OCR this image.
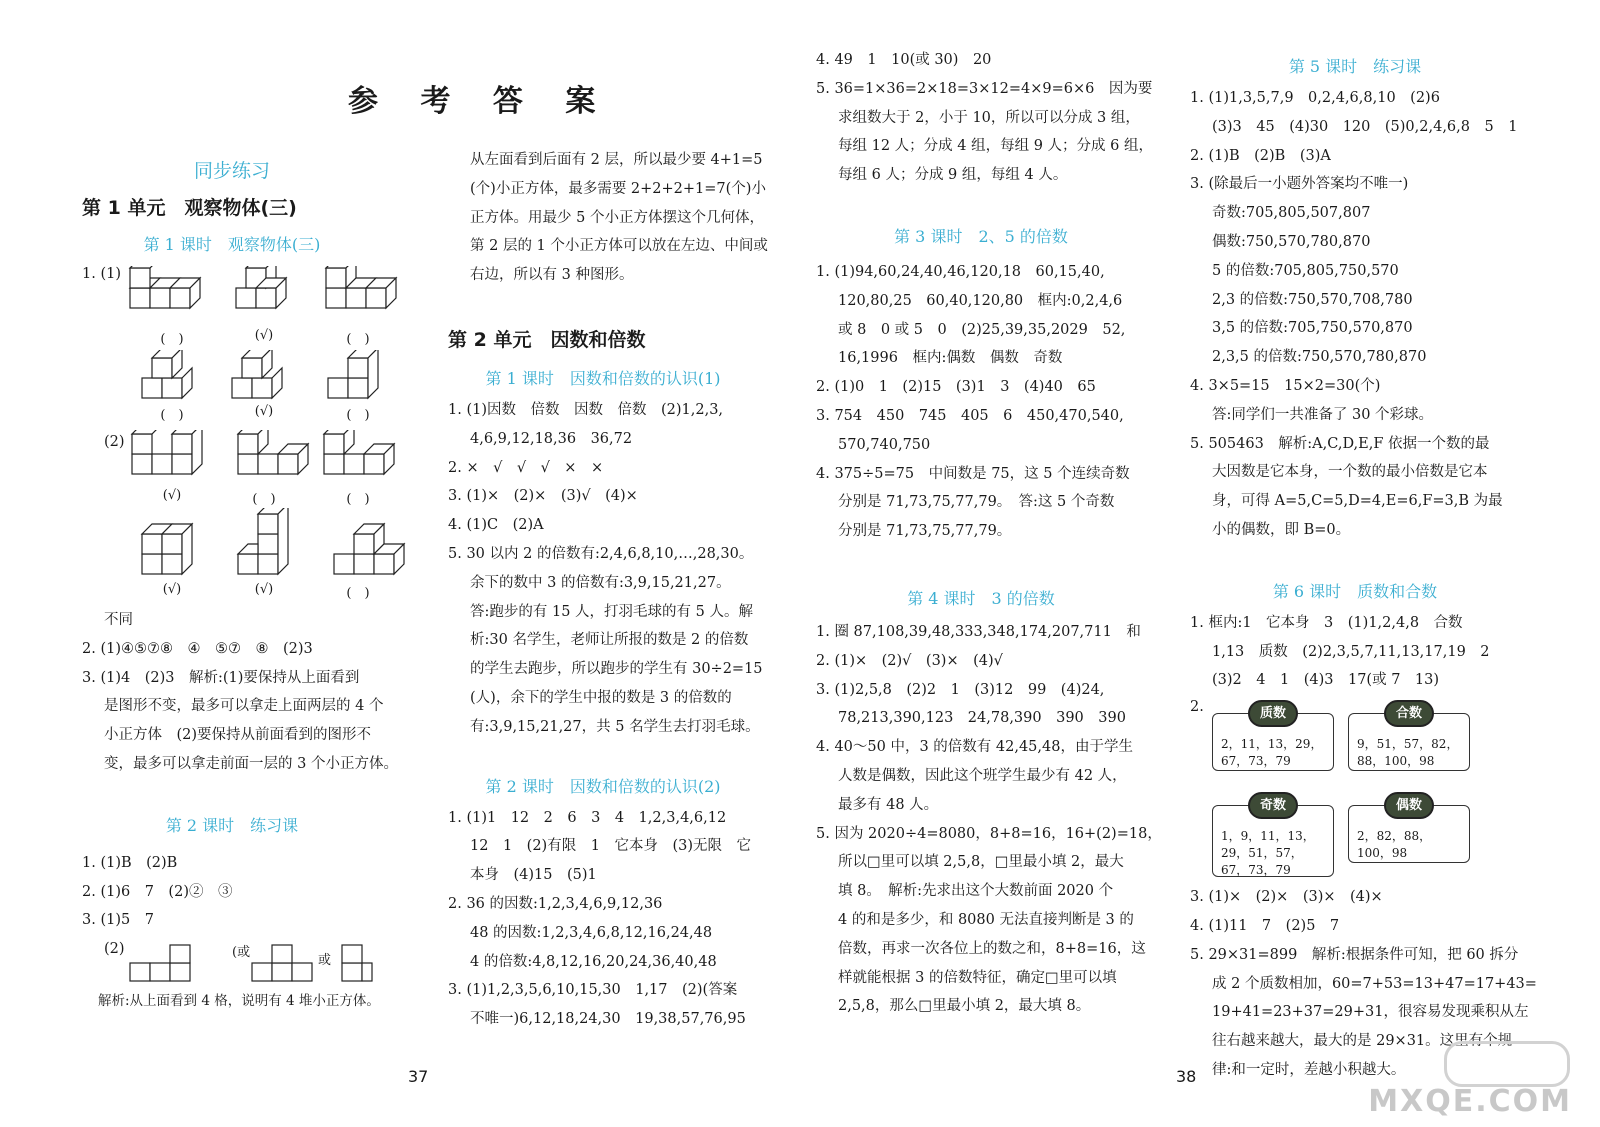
参 考 答 案
同步练习
第 1 单元　观察物体(三)
第 1 课时　观察物体(三)
1. (1)
(　)	(√)	(　)
(　)	(√)	(　)
(2)
(√)	(　)	(　)
(√)	(√)	(　)
不同
2. (1)④⑤⑦⑧　④　⑤⑦　⑧　(2)3
3. (1)4　(2)3　解析:(1)要保持从上面看到
是图形不变，最多可以拿走上面两层的 4 个
小正方体　(2)要保持从前面看到的图形不
变，最多可以拿走前面一层的 3 个小正方体。
第 2 课时　练习课
1. (1)B　(2)B
2. (1)6　7　(2)②　③
3. (1)5　7
(2)	(或
或
解析:从上面看到 4 格，说明有 4 堆小正方体。
从左面看到后面有 2 层，所以最少要 4+1=5
(个)小正方体，最多需要 2+2+2+1=7(个)小
正方体。用最少 5 个小正方体摆这个几何体，
第 2 层的 1 个小正方体可以放在左边、中间或
右边，所以有 3 种图形。
第 2 单元　因数和倍数
第 1 课时　因数和倍数的认识(1)
1. (1)因数　倍数　因数　倍数　(2)1,2,3,
4,6,9,12,18,36　36,72
2. ×　√　√　√　×　×
3. (1)×　(2)×　(3)√　(4)×
4. (1)C　(2)A
5. 30 以内 2 的倍数有:2,4,6,8,10,…,28,30。
余下的数中 3 的倍数有:3,9,15,21,27。
答:跑步的有 15 人，打羽毛球的有 5 人。解
析:30 名学生，老师让所报的数是 2 的倍数
的学生去跑步，所以跑步的学生有 30÷2=15
(人)，余下的学生中报的数是 3 的倍数的
有:3,9,15,21,27，共 5 名学生去打羽毛球。
第 2 课时　因数和倍数的认识(2)
1. (1)1　12　2　6　3　4　1,2,3,4,6,12
12　1　(2)有限　1　它本身　(3)无限　它
本身　(4)15　(5)1
2. 36 的因数:1,2,3,4,6,9,12,36
48 的因数:1,2,3,4,6,8,12,16,24,48
4 的倍数:4,8,12,16,20,24,36,40,48
3. (1)1,2,3,5,6,10,15,30　1,17　(2)(答案
不唯一)6,12,18,24,30　19,38,57,76,95
37
4. 49　1　10(或 30)　20
5. 36=1×36=2×18=3×12=4×9=6×6　因为要
求组数大于 2，小于 10，所以可以分成 3 组，
每组 12 人；分成 4 组，每组 9 人；分成 6 组，
每组 6 人；分成 9 组，每组 4 人。
第 3 课时　2、5 的倍数
1. (1)94,60,24,40,46,120,18　60,15,40,
120,80,25　60,40,120,80　框内:0,2,4,6
或 8　0 或 5　0　(2)25,39,35,2029　52,
16,1996　框内:偶数　偶数　奇数
2. (1)0　1　(2)15　(3)1　3　(4)40　65
3. 754　450　745　405　6　450,470,540,
570,740,750
4. 375÷5=75　中间数是 75，这 5 个连续奇数
分别是 71,73,75,77,79。　答:这 5 个奇数
分别是 71,73,75,77,79。
第 4 课时　3 的倍数
1. 圈 87,108,39,48,333,348,174,207,711　和
2. (1)×　(2)√　(3)×　(4)√
3. (1)2,5,8　(2)2　1　(3)12　99　(4)24,
78,213,390,123　24,78,390　390　390
4. 40～50 中，3 的倍数有 42,45,48，由于学生
人数是偶数，因此这个班学生最少有 42 人，
最多有 48 人。
5. 因为 2020÷4=8080，8+8=16，16+(2)=18，
所以□里可以填 2,5,8，□里最小填 2，最大
填 8。　解析:先求出这个大数前面 2020 个
4 的和是多少，和 8080 无法直接判断是 3 的
倍数，再求一次各位上的数之和，8+8=16，这
样就能根据 3 的倍数特征，确定□里可以填
2,5,8，那么□里最小填 2，最大填 8。
第 5 课时　练习课
1. (1)1,3,5,7,9　0,2,4,6,8,10　(2)6
(3)3　45　(4)30　120　(5)0,2,4,6,8　5　1
2. (1)B　(2)B　(3)A
3. (除最后一小题外答案均不唯一)
奇数:705,805,507,807
偶数:750,570,780,870
5 的倍数:705,805,750,570
2,3 的倍数:750,570,708,780
3,5 的倍数:705,750,570,870
2,3,5 的倍数:750,570,780,870
4. 3×5=15　15×2=30(个)
答:同学们一共准备了 30 个彩球。
5. 505463　解析:A,C,D,E,F 依据一个数的最
大因数是它本身，一个数的最小倍数是它本
身，可得 A=5,C=5,D=4,E=6,F=3,B 为最
小的偶数，即 B=0。
第 6 课时　质数和合数
1. 框内:1　它本身　3　(1)1,2,4,8　合数
1,13　质数　(2)2,3,5,7,11,13,17,19　2
(3)2　4　1　(4)3　17(或 7　13)
2.	质数
2，11，13，29，67，73，79
合数
9，51，57，82，88，100，98
奇数
1，9，11，13，29，51，57，67，73，79
偶数
2，82，88，100，98
3. (1)×　(2)×　(3)×　(4)×
4. (1)11　7　(2)5　7
5. 29×31=899　解析:根据条件可知，把 60 拆分
成 2 个质数相加，60=7+53=13+47=17+43=
19+41=23+37=29+31，很容易发现乘积从左
往右越来越大，最大的是 29×31。这里有个规
律:和一定时，差越小积越大。
38
MXQE.COM
